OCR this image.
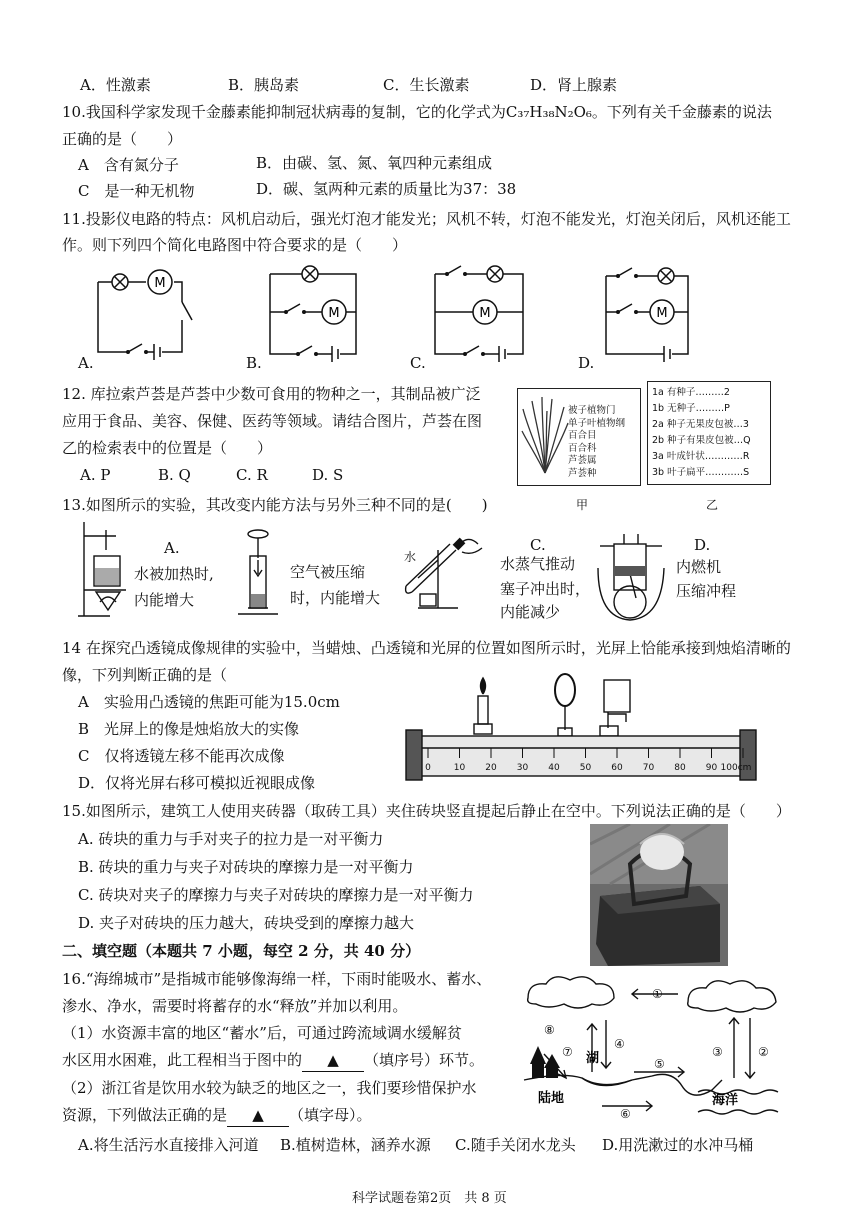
A．性激素	B．胰岛素	C．生长激素	D．肾上腺素
10.我国科学家发现千金藤素能抑制冠状病毒的复制，它的化学式为C₃₇H₃₈N₂O₆。下列有关千金藤素的说法
正确的是（　　）
A　含有氮分子	B．由碳、氢、氮、氧四种元素组成
C　是一种无机物	D．碳、氢两种元素的质量比为37：38
11.投影仪电路的特点：风机启动后，强光灯泡才能发光；风机不转，灯泡不能发光，灯泡关闭后，风机还能工
作。则下列四个简化电路图中符合要求的是（　　）
M
A.
M
B.
M
C.
M
D.
12. 库拉索芦荟是芦荟中少数可食用的物种之一，其制品被广泛
应用于食品、美容、保健、医药等领域。请结合图片，芦荟在图
乙的检索表中的位置是（　　）
A. P	B. Q	C. R	D. S
被子植物门
单子叶植物纲
百合目
百合科
芦荟属
芦荟种
甲
1a 有种子………2
1b 无种子………P
2a 种子无果皮包被…3
2b 种子有果皮包被…Q
3a 叶成针状…………R
3b 叶子扁平…………S
乙
13.如图所示的实验，其改变内能方法与另外三种不同的是(　　)
A.
水被加热时,
内能增大
空气被压缩
时，内能增大
水
C.
水蒸气推动
塞子冲出时，
内能减少
D.
内燃机
压缩冲程
14 在探究凸透镜成像规律的实验中，当蜡烛、凸透镜和光屏的位置如图所示时，光屏上恰能承接到烛焰清晰的
像，下列判断正确的是（
A　实验用凸透镜的焦距可能为15.0cm
B　光屏上的像是烛焰放大的实像
C　仅将透镜左移不能再次成像
D．仅将光屏右移可模拟近视眼成像
0	10 20 30 40 50 60 70 80 90 100cm
15.如图所示，建筑工人使用夹砖器（取砖工具）夹住砖块竖直提起后静止在空中。下列说法正确的是（　　）
A. 砖块的重力与手对夹子的拉力是一对平衡力
B. 砖块的重力与夹子对砖块的摩擦力是一对平衡力
C. 砖块对夹子的摩擦力与夹子对砖块的摩擦力是一对平衡力
D. 夹子对砖块的压力越大，砖块受到的摩擦力越大
二、填空题（本题共 7 小题，每空 2 分，共 40 分）
16.“海绵城市”是指城市能够像海绵一样，下雨时能吸水、蓄水、
渗水、净水，需要时将蓄存的水“释放”并加以利用。
（1）水资源丰富的地区“蓄水”后，可通过跨流域调水缓解贫
水区用水困难，此工程相当于图中的 ▲ （填序号）环节。
（2）浙江省是饮用水较为缺乏的地区之一，我们要珍惜保护水
资源，下列做法正确的是 ▲ （填字母）。
A.将生活污水直接排入河道 B.植树造林，涵养水源 C.随手关闭水龙头 D.用洗漱过的水冲马桶
①
②
③
④
⑤
⑥
⑦
⑧
湖
陆地	海洋
科学试题卷第2页　共 8 页
